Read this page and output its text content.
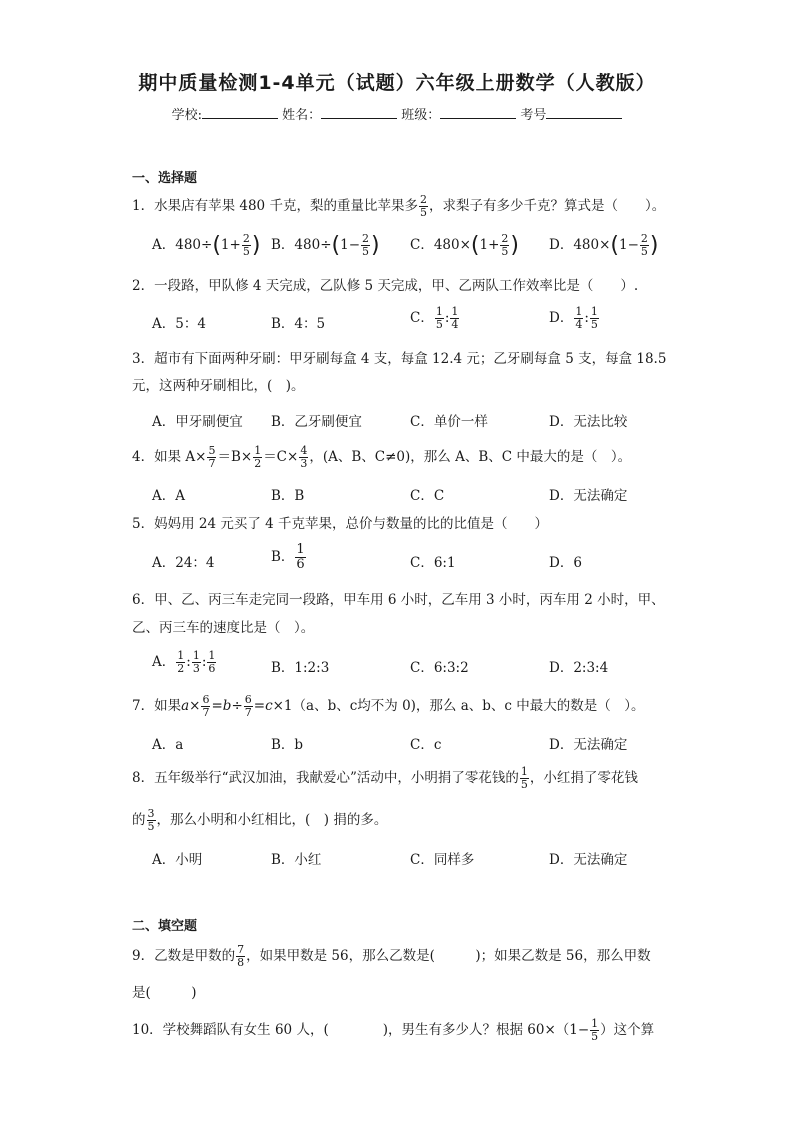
期中质量检测1-4单元（试题）六年级上册数学（人教版）
学校:	姓名：	班级：	考号
一、选择题
1．水果店有苹果 480 千克，梨的重量比苹果多 $\frac{2}{5}$ ，求梨子有多少千克？算式是（　　）。
A．$480\div(1+ \frac{2}{5}$ ) B．$480\div(1- \frac{2}{5}$ ) C．$480\times(1+ \frac{2}{5}$ ) D．$480\times(1- \frac{2}{5}$ )
2．一段路，甲队修 4 天完成，乙队修 5 天完成，甲、乙两队工作效率比是（　　）.
A．5：4	B．4：5	C． $\frac{1}{5}$ : $\frac{1}{4}$	D． $\frac{1}{4}$ : $\frac{1}{5}$
3．超市有下面两种牙刷：甲牙刷每盒 4 支，每盒 12.4 元；乙牙刷每盒 5 支，每盒 18.5
元，这两种牙刷相比，(　)。
A．甲牙刷便宜 B．乙牙刷便宜	C．单价一样	D．无法比较
4．如果 $A\times \frac{5}{7} =B\times \frac{1}{2} =C\times \frac{4}{3}$ ，(A、B、C≠0)，那么 A、B、C 中最大的是（　）。
A．A	B．B	C．C	D．无法确定
5．妈妈用 24 元买了 4 千克苹果，总价与数量的比的比值是（　　）
A．24：4	B． $\frac{1}{6}$	C．6:1	D．6
6．甲、乙、丙三车走完同一段路，甲车用 6 小时，乙车用 3 小时，丙车用 2 小时，甲、
乙、丙三车的速度比是（　）。
A． $\frac{1}{2}$ : $\frac{1}{3}$ : $\frac{1}{6}$	B．1:2:3	C．6:3:2	D．2:3:4
7．如果$a\times \frac{6}{7} =b\div \frac{6}{7} =c\times 1(a$、b、c均不为 0)，那么 a、b、c 中最大的数是（　）。
A．a	B．b	C．c	D．无法确定
8．五年级举行“武汉加油，我献爱心”活动中，小明捐了零花钱的 $\frac{1}{5}$ ，小红捐了零花钱
的 $\frac{3}{5}$ ，那么小明和小红相比，(　) 捐的多。
A．小明	B．小红	C．同样多	D．无法确定
二、填空题
9．乙数是甲数的 $\frac{7}{8}$ ，如果甲数是 56，那么乙数是(　　　)；如果乙数是 56，那么甲数
是(　　　)
10．学校舞蹈队有女生 60 人，(　　　　)，男生有多少人？根据 $60\times(1- \frac{1}{5}$ ）这个算
